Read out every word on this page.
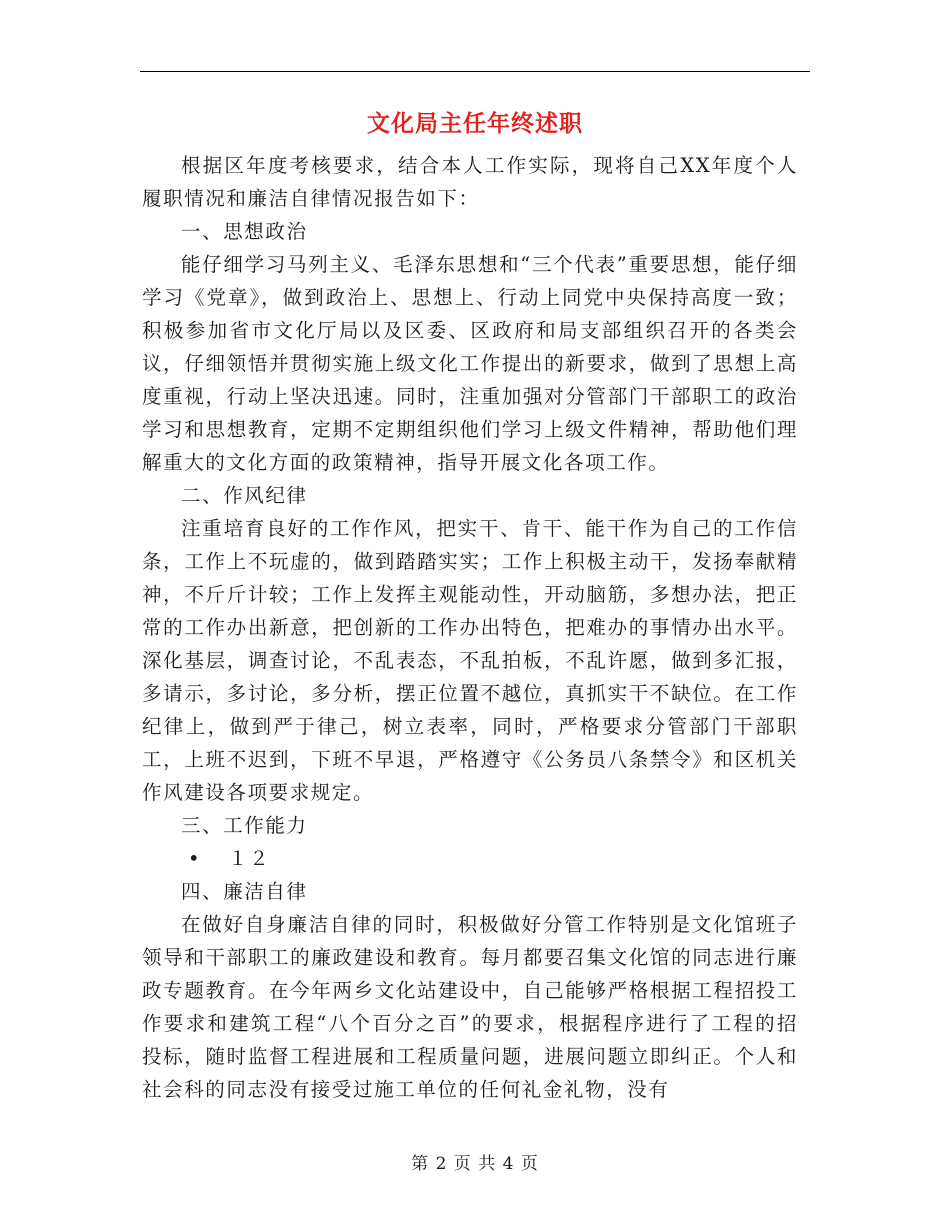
文化局主任年终述职

根据区年度考核要求，结合本人工作实际，现将自己XX年度个人履职情况和廉洁自律情况报告如下：

一、思想政治

能仔细学习马列主义、毛泽东思想和“三个代表”重要思想，能仔细学习《党章》，做到政治上、思想上、行动上同党中央保持高度一致；积极参加省市文化厅局以及区委、区政府和局支部组织召开的各类会议，仔细领悟并贯彻实施上级文化工作提出的新要求，做到了思想上高度重视，行动上坚决迅速。同时，注重加强对分管部门干部职工的政治学习和思想教育，定期不定期组织他们学习上级文件精神，帮助他们理解重大的文化方面的政策精神，指导开展文化各项工作。

二、作风纪律

注重培育良好的工作作风，把实干、肯干、能干作为自己的工作信条，工作上不玩虚的，做到踏踏实实；工作上积极主动干，发扬奉献精神，不斤斤计较；工作上发挥主观能动性，开动脑筋，多想办法，把正常的工作办出新意，把创新的工作办出特色，把难办的事情办出水平。深化基层，调查讨论，不乱表态，不乱拍板，不乱许愿，做到多汇报，多请示，多讨论，多分析，摆正位置不越位，真抓实干不缺位。在工作纪律上，做到严于律己，树立表率，同时，严格要求分管部门干部职工，上班不迟到，下班不早退，严格遵守《公务员八条禁令》和区机关作风建设各项要求规定。

三、工作能力

• １２

四、廉洁自律

在做好自身廉洁自律的同时，积极做好分管工作特别是文化馆班子领导和干部职工的廉政建设和教育。每月都要召集文化馆的同志进行廉政专题教育。在今年两乡文化站建设中，自己能够严格根据工程招投工作要求和建筑工程“八个百分之百”的要求，根据程序进行了工程的招投标，随时监督工程进展和工程质量问题，进展问题立即纠正。个人和社会科的同志没有接受过施工单位的任何礼金礼物，没有

第 2 页 共 4 页
